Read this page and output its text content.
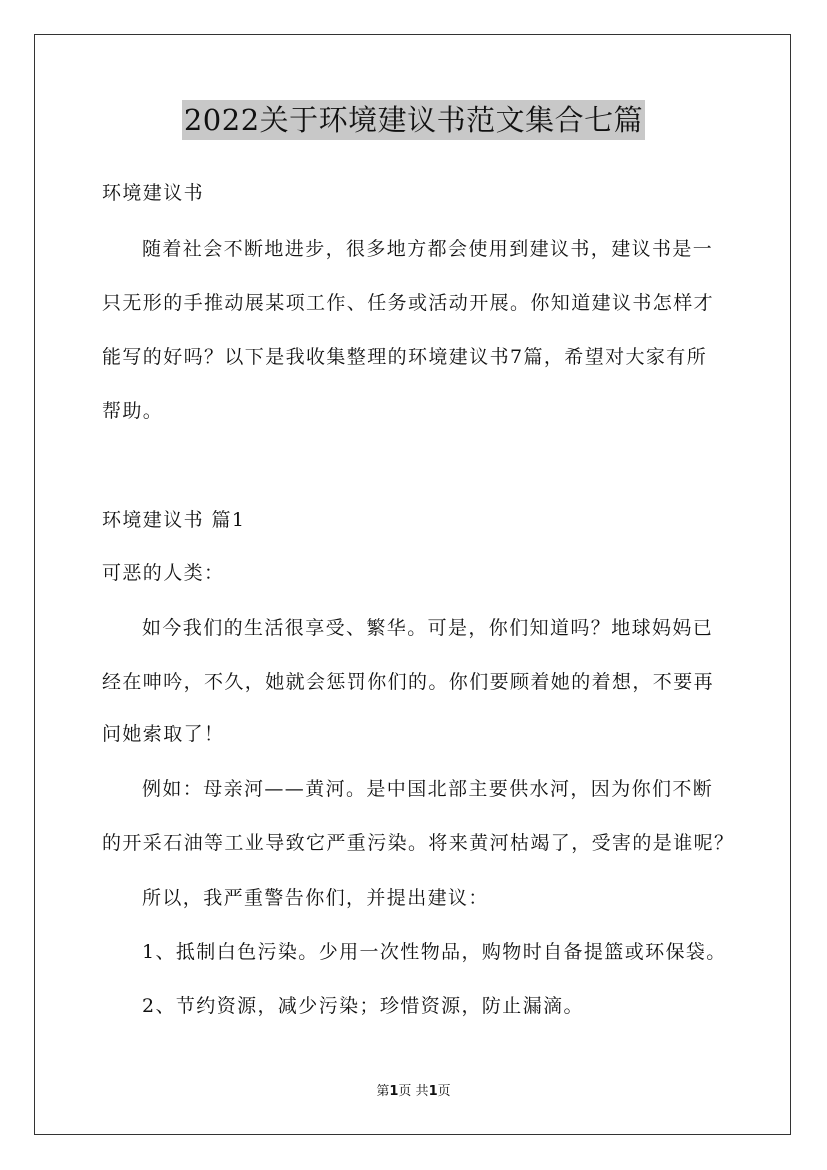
2022关于环境建议书范文集合七篇
环境建议书
随着社会不断地进步，很多地方都会使用到建议书，建议书是一
只无形的手推动展某项工作、任务或活动开展。你知道建议书怎样才
能写的好吗？以下是我收集整理的环境建议书7篇，希望对大家有所
帮助。
环境建议书 篇1
可恶的人类：
如今我们的生活很享受、繁华。可是，你们知道吗？地球妈妈已
经在呻吟，不久，她就会惩罚你们的。你们要顾着她的着想，不要再
问她索取了！
例如：母亲河——黄河。是中国北部主要供水河，因为你们不断
的开采石油等工业导致它严重污染。将来黄河枯竭了，受害的是谁呢？
所以，我严重警告你们，并提出建议：
1、抵制白色污染。少用一次性物品，购物时自备提篮或环保袋。
2、节约资源，减少污染；珍惜资源，防止漏滴。
第1页 共1页
